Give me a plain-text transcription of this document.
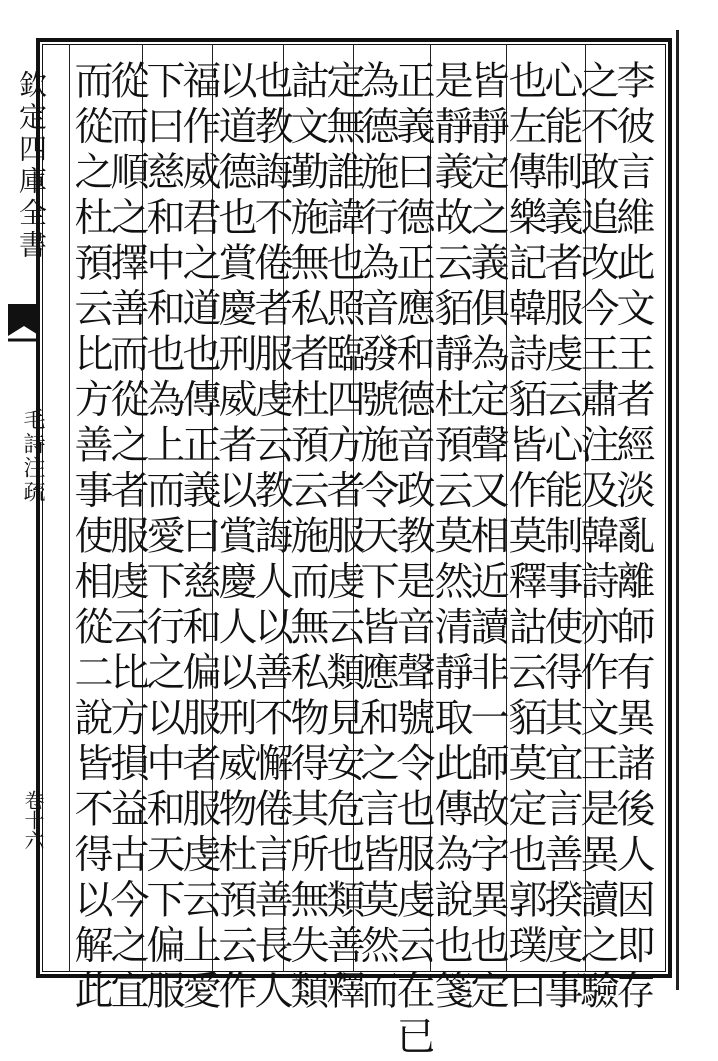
欽定四庫全書
毛詩注疏
卷十六	李彼言維此文王者經淡亂離師有異諸後人因即存
之不敢追改今王肅注及韓詩亦作文王是異讀之驗
心能制義者服虔云心能制事使得其宜言善揆度事
也左傳樂記韓詩貊皆作莫釋詁云貊莫定也郭璞曰
皆靜定之義俱為定聲又相近讀非一師故字異也定
是靜義故云貊靜杜預云莫然清靜取此傳為說也箋
正義曰德正應和德音政教是音聲號令也服虔云在已
為德施行為音發號施令天下皆應和之言皆莫然而
定無誰諱也照臨四方者服虔云類見安危也類善釋
詁文勤施無私者杜預云施而無私物得其所無失類
也教誨不倦者服虔云教誨人以善不懈倦言善長人
以道德也賞慶刑威者以賞慶人以刑威物杜預云作
福作威君之道也傳正義曰慈和偏服者服虔云上愛
下曰慈和中和也為上而愛下行之以中和天下偏服
從而順之擇善而從之者服虔云比方損益古今之宜
而從之杜預云比方善事使相從二說皆不得以解此
